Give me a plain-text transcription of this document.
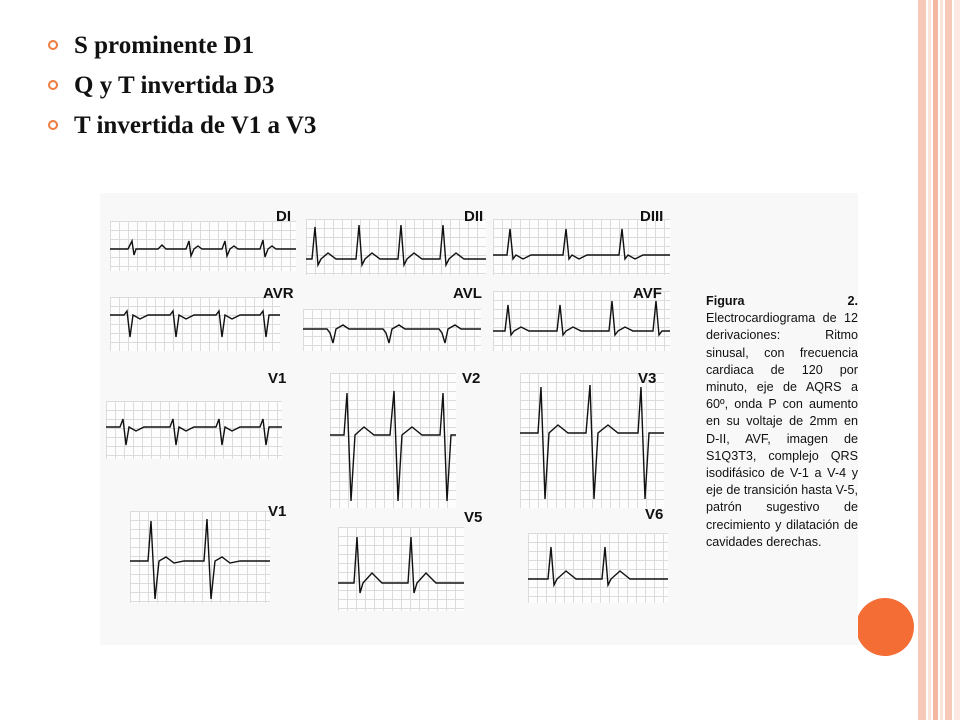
S prominente D1
Q y T invertida D3
T invertida de V1 a V3
DI	DII	DIII
AVR	AVL	AVF
V1	V2	V3
V1	V5	V6
Figura 2. Electrocardiograma de 12 derivaciones: Ritmo sinusal, con frecuencia cardiaca de 120 por minuto, eje de AQRS a 60º, onda P con aumento en su voltaje de 2mm en D-II, AVF, imagen de S1Q3T3, complejo QRS isodifásico de V-1 a V-4 y eje de transición hasta V-5, patrón sugestivo de crecimiento y dilatación de cavidades derechas.
